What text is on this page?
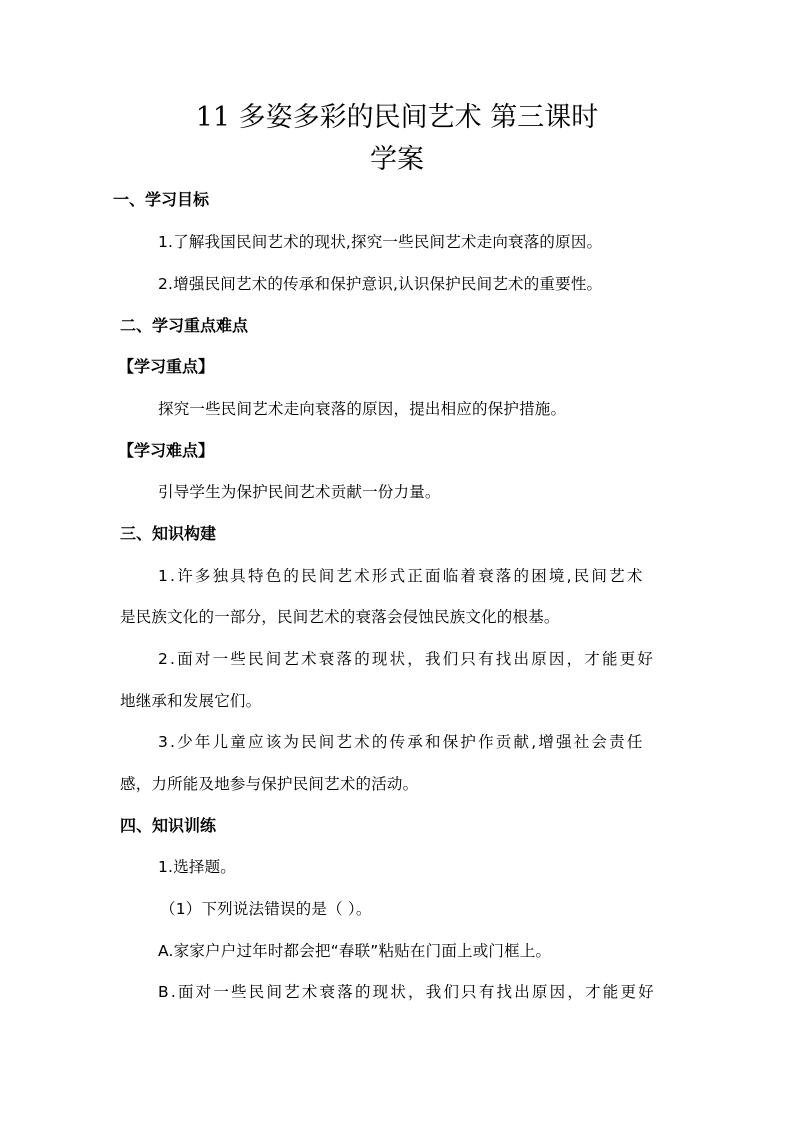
11 多姿多彩的民间艺术 第三课时
学案
一、学习目标
1.了解我国民间艺术的现状,探究一些民间艺术走向衰落的原因。
2.增强民间艺术的传承和保护意识,认识保护民间艺术的重要性。
二、学习重点难点
【学习重点】
探究一些民间艺术走向衰落的原因，提出相应的保护措施。
【学习难点】
引导学生为保护民间艺术贡献一份力量。
三、知识构建
1.许多独具特色的民间艺术形式正面临着衰落的困境,民间艺术
是民族文化的一部分，民间艺术的衰落会侵蚀民族文化的根基。
2.面对一些民间艺术衰落的现状，我们只有找出原因，才能更好
地继承和发展它们。
3.少年儿童应该为民间艺术的传承和保护作贡献,增强社会责任
感，力所能及地参与保护民间艺术的活动。
四、知识训练
1.选择题。
（1）下列说法错误的是（ ）。
A.家家户户过年时都会把“春联”粘贴在门面上或门框上。
B.面对一些民间艺术衰落的现状，我们只有找出原因，才能更好
